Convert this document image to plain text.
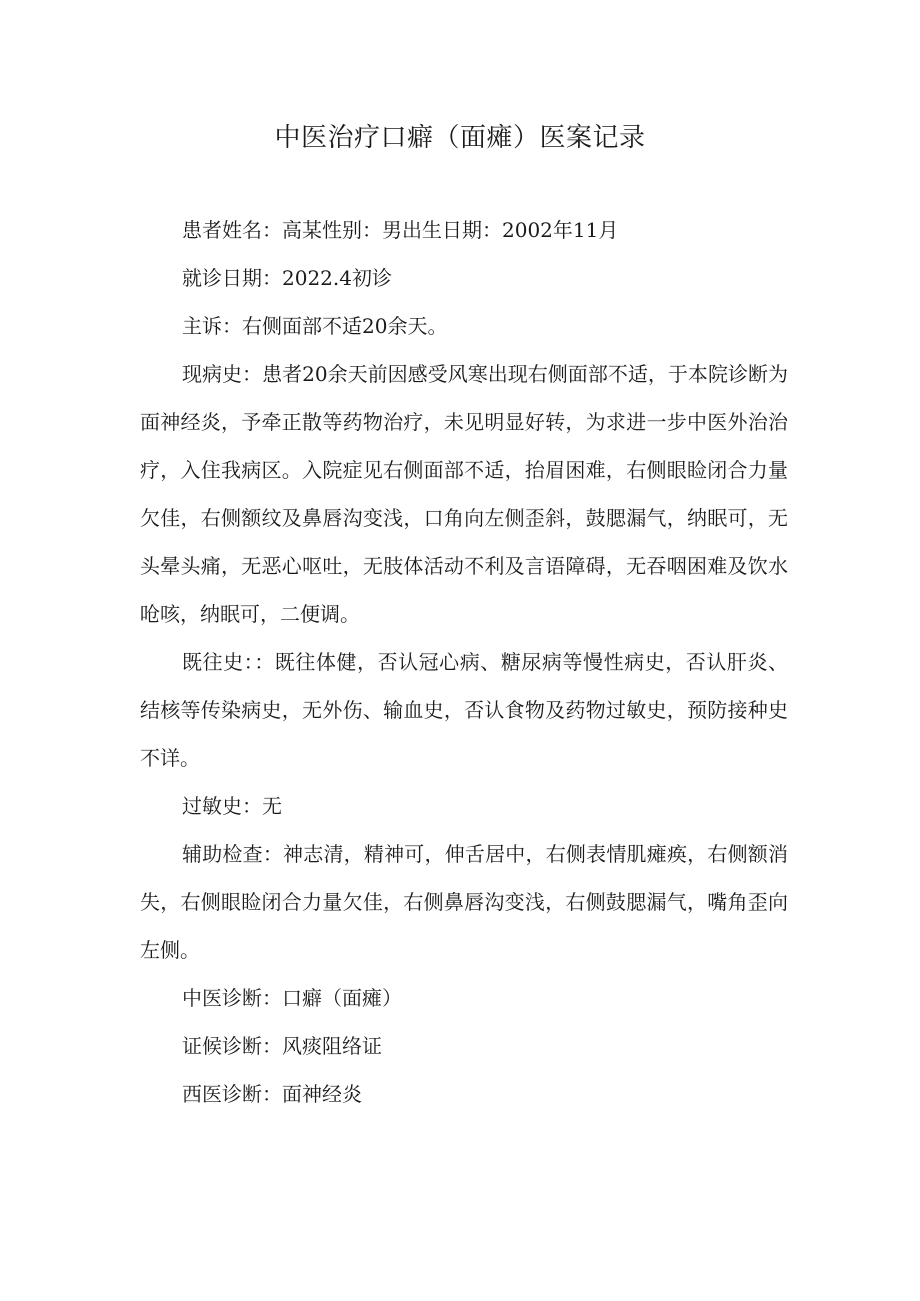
中医治疗口癖（面瘫）医案记录

患者姓名：高某性别：男出生日期：2002年11月

就诊日期：2022.4初诊

主诉：右侧面部不适20余天。

现病史：患者20余天前因感受风寒出现右侧面部不适，于本院诊断为面神经炎，予牵正散等药物治疗，未见明显好转，为求进一步中医外治治疗，入住我病区。入院症见右侧面部不适，抬眉困难，右侧眼睑闭合力量欠佳，右侧额纹及鼻唇沟变浅，口角向左侧歪斜，鼓腮漏气，纳眠可，无头晕头痛，无恶心呕吐，无肢体活动不利及言语障碍，无吞咽困难及饮水呛咳，纳眠可，二便调。

既往史：：既往体健，否认冠心病、糖尿病等慢性病史，否认肝炎、结核等传染病史，无外伤、输血史，否认食物及药物过敏史，预防接种史不详。

过敏史：无

辅助检查：神志清，精神可，伸舌居中，右侧表情肌瘫痪，右侧额消失，右侧眼睑闭合力量欠佳，右侧鼻唇沟变浅，右侧鼓腮漏气，嘴角歪向左侧。

中医诊断：口癖（面瘫）

证候诊断：风痰阻络证

西医诊断：面神经炎
